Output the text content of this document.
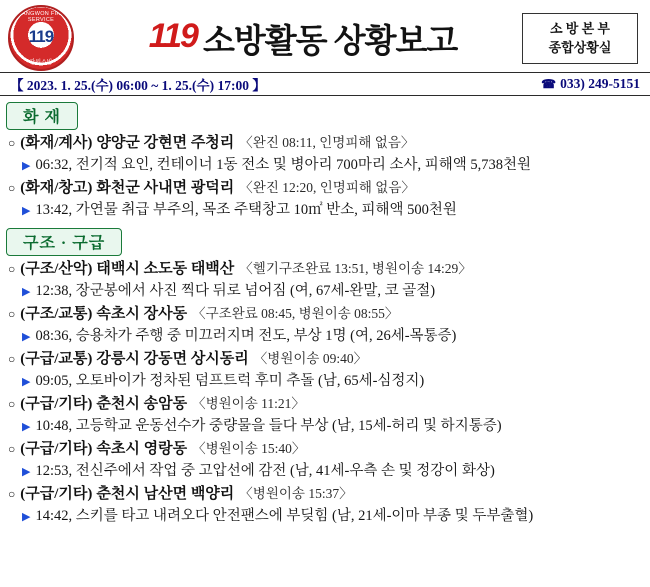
GANGWON FIRE SERVICE
119
강원소방
119 소방활동 상황보고	소 방 본 부
종합상황실
【 2023. 1. 25.(수) 06:00 ~ 1. 25.(수) 17:00 】	☎ 033) 249-5151
화 재
○ (화재/계사) 양양군 강현면 주청리 〈완진 08:11, 인명피해 없음〉
▶ 06:32, 전기적 요인, 컨테이너 1동 전소 및 병아리 700마리 소사, 피해액 5,738천원
○ (화재/창고) 화천군 사내면 광덕리 〈완진 12:20, 인명피해 없음〉
▶ 13:42, 가연물 취급 부주의, 목조 주택창고 10㎡ 반소, 피해액 500천원
구조 · 구급
○ (구조/산악) 태백시 소도동 태백산 〈헬기구조완료 13:51, 병원이송 14:29〉
▶ 12:38, 장군봉에서 사진 찍다 뒤로 넘어짐 (여, 67세-완말, 코 골절)
○ (구조/교통) 속초시 장사동 〈구조완료 08:45, 병원이송 08:55〉
▶ 08:36, 승용차가 주행 중 미끄러지며 전도, 부상 1명 (여, 26세-목통증)
○ (구급/교통) 강릉시 강동면 상시동리 〈병원이송 09:40〉
▶ 09:05, 오토바이가 정차된 덤프트럭 후미 추돌 (남, 65세-심정지)
○ (구급/기타) 춘천시 송암동 〈병원이송 11:21〉
▶ 10:48, 고등학교 운동선수가 중량물을 들다 부상 (남, 15세-허리 및 하지통증)
○ (구급/기타) 속초시 영랑동 〈병원이송 15:40〉
▶ 12:53, 전신주에서 작업 중 고압선에 감전 (남, 41세-우측 손 및 정강이 화상)
○ (구급/기타) 춘천시 남산면 백양리 〈병원이송 15:37〉
▶ 14:42, 스키를 타고 내려오다 안전팬스에 부딪힘 (남, 21세-이마 부종 및 두부출혈)
